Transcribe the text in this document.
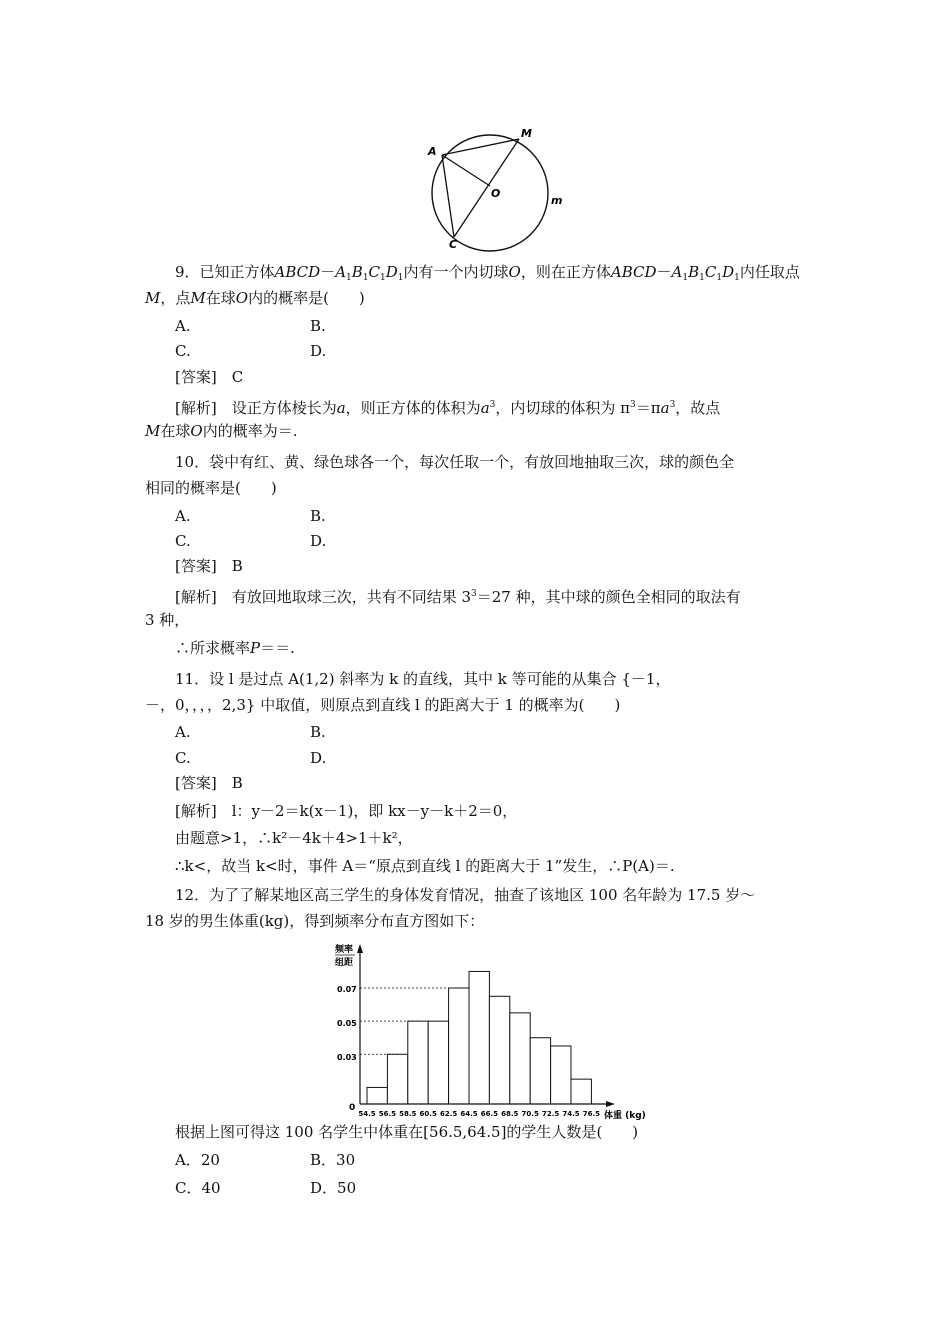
A
M
O
C
m
9．已知正方体$ABCD-A_1B_1C_1D_1$内有一个内切球O，则在正方体$ABCD-A_1B_1C_1D_1$内任取点
M，点M在球O内的概率是(　　)
A.	B.
C.	D.
[答案]　C
[解析]　设正方体棱长为a，则正方体的体积为$a^3$，内切球的体积为 $\pi^3=\pi a^3$，故点
M在球O内的概率为＝.
10．袋中有红、黄、绿色球各一个，每次任取一个，有放回地抽取三次，球的颜色全
相同的概率是(　　)
A.	B.
C.	D.
[答案]　B
[解析]　有放回地取球三次，共有不同结果 $3^3=27$ 种，其中球的颜色全相同的取法有
3 种，
∴所求概率P＝＝.
11．设 l 是过点 A(1,2) 斜率为 k 的直线，其中 k 等可能的从集合 {－1，
－，0，，，，2,3} 中取值，则原点到直线 l 的距离大于 1 的概率为(　　)
A.	B.
C.	D.
[答案]　B
[解析]　l：y－2＝k(x－1)，即 kx－y－k＋2＝0，
由题意>1，∴k²－4k＋4>1＋k²，
∴k<，故当 k<时，事件 A＝“原点到直线 l 的距离大于 1”发生，∴P(A)＝.
12．为了了解某地区高三学生的身体发育情况，抽查了该地区 100 名年龄为 17.5 岁～
18 岁的男生体重(kg)，得到频率分布直方图如下：
频率
组距
0
0.07
0.05
0.03
54.5 56.5 58.5 60.5 62.5 64.5 66.5 68.5 70.5 72.5 74.5 76.5 体重 (kg)
根据上图可得这 100 名学生中体重在[56.5,64.5]的学生人数是(　　)
A．20	B．30
C．40	D．50
